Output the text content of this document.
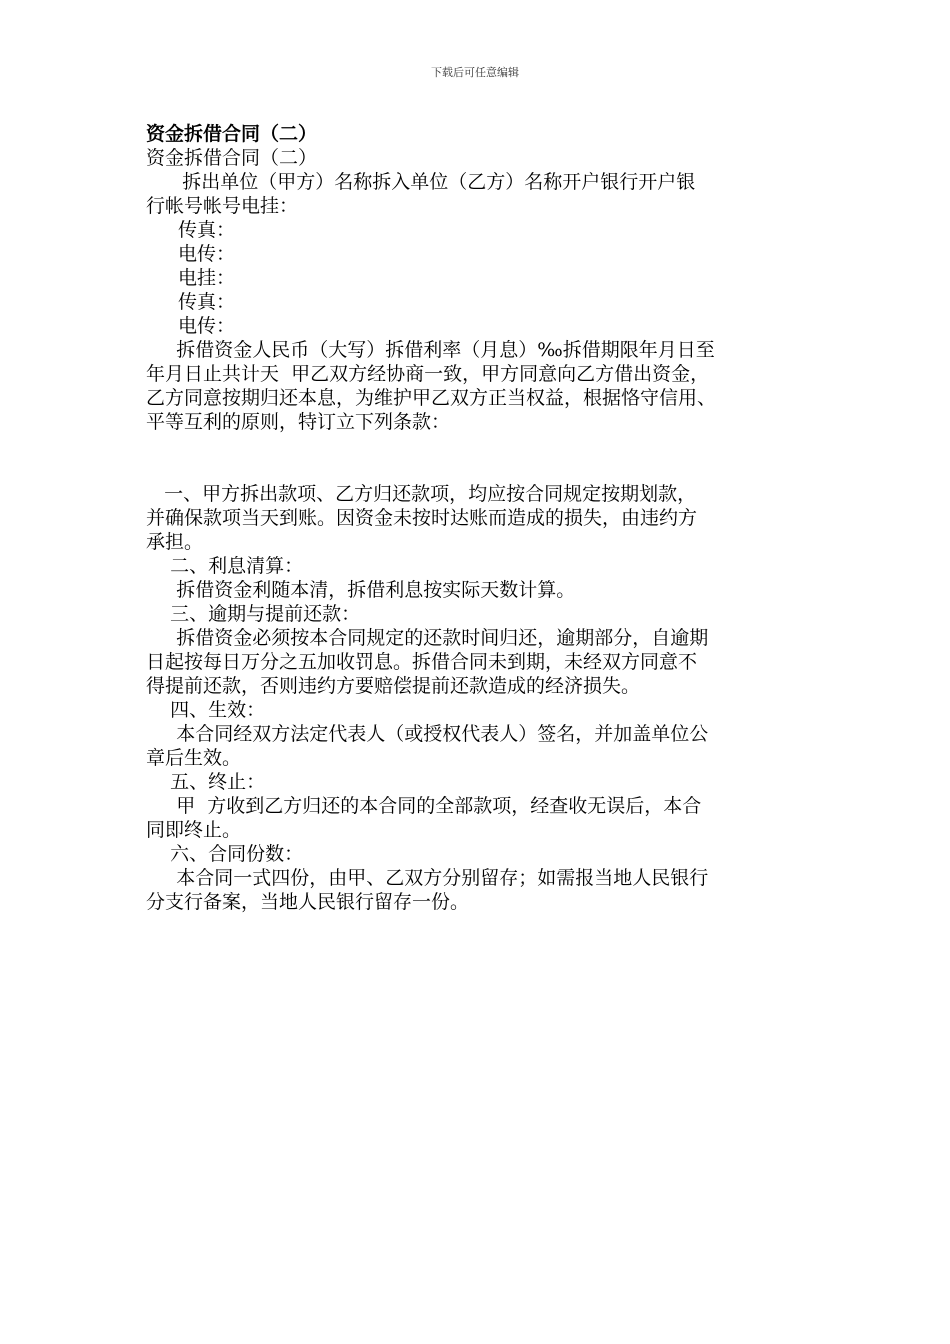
下载后可任意编辑

资金拆借合同（二）

资金拆借合同（二）

拆出单位（甲方）名称拆入单位（乙方）名称开户银行开户银

行帐号帐号电挂：

传真：

电传：

电挂：

传真：

电传：

拆借资金人民币（大写）拆借利率（月息）‰拆借期限年月日至

年月日止共计天  甲乙双方经协商一致，甲方同意向乙方借出资金，

乙方同意按期归还本息，为维护甲乙双方正当权益，根据恪守信用、

平等互利的原则，特订立下列条款：

一、甲方拆出款项、乙方归还款项，均应按合同规定按期划款，

并确保款项当天到账。因资金未按时达账而造成的损失，由违约方

承担。

二、利息清算：

拆借资金利随本清，拆借利息按实际天数计算。

三、逾期与提前还款：

拆借资金必须按本合同规定的还款时间归还，逾期部分，自逾期

日起按每日万分之五加收罚息。拆借合同未到期，未经双方同意不

得提前还款，否则违约方要赔偿提前还款造成的经济损失。

四、生效：

本合同经双方法定代表人（或授权代表人）签名，并加盖单位公

章后生效。

五、终止：

甲  方收到乙方归还的本合同的全部款项，经查收无误后，本合

同即终止。

六、合同份数：

本合同一式四份，由甲、乙双方分别留存；如需报当地人民银行

分支行备案，当地人民银行留存一份。
